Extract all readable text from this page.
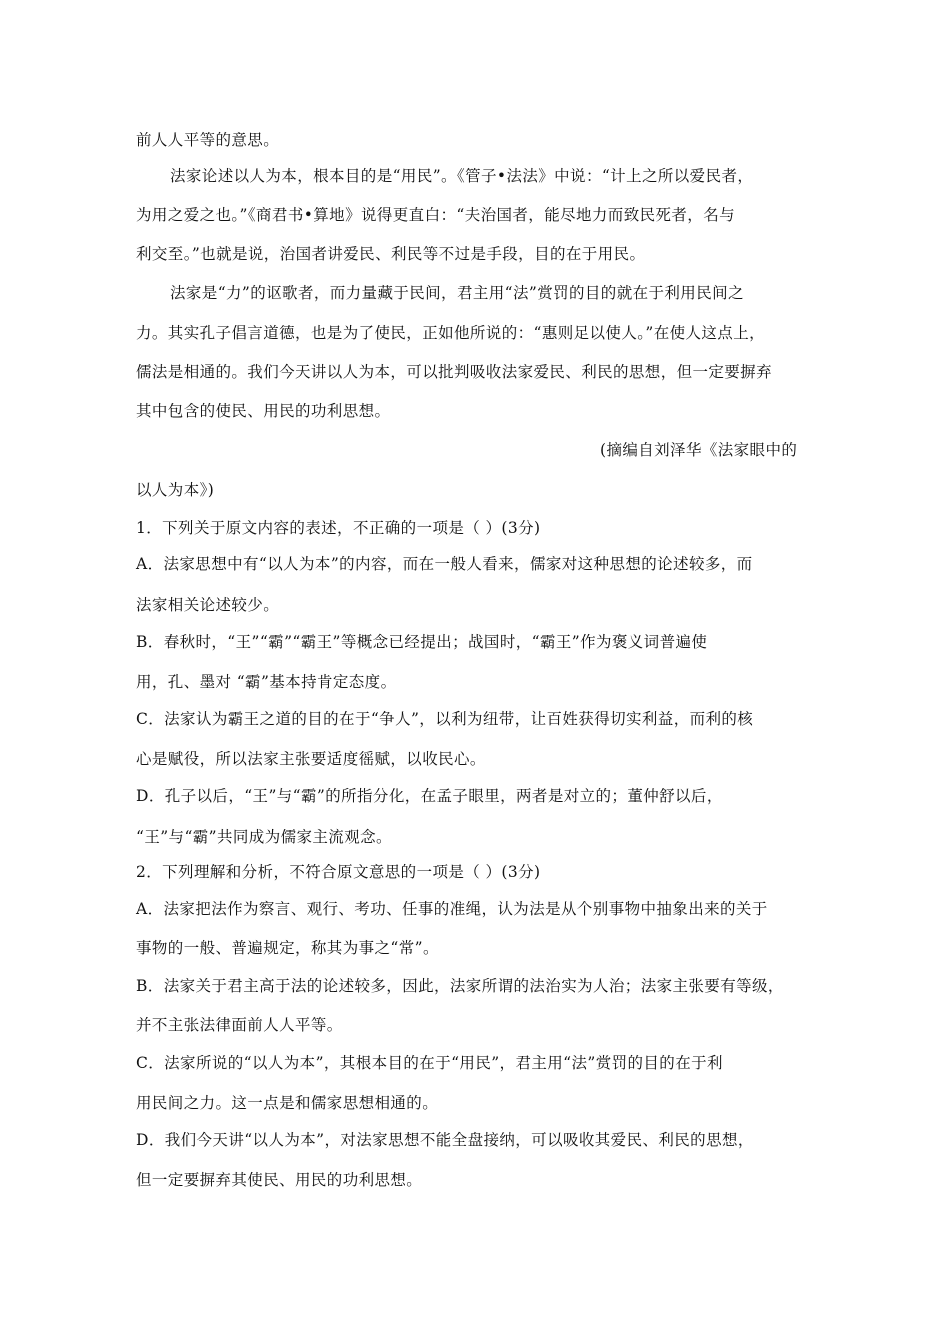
前人人平等的意思。
法家论述以人为本，根本目的是“用民”。《管子•法法》中说：“计上之所以爱民者，
为用之爱之也。”《商君书•算地》说得更直白：“夫治国者，能尽地力而致民死者，名与
利交至。”也就是说，治国者讲爱民、利民等不过是手段，目的在于用民。
法家是“力”的讴歌者，而力量藏于民间，君主用“法”赏罚的目的就在于利用民间之
力。其实孔子倡言道德，也是为了使民，正如他所说的：“惠则足以使人。”在使人这点上，
儒法是相通的。我们今天讲以人为本，可以批判吸收法家爱民、利民的思想，但一定要摒弃
其中包含的使民、用民的功利思想。
(摘编自刘泽华《法家眼中的
以人为本》)
1．下列关于原文内容的表述，不正确的一项是（ ）(3分)
A．法家思想中有“以人为本”的内容，而在一般人看来，儒家对这种思想的论述较多，而
法家相关论述较少。
B．春秋时，“王”“霸”“霸王”等概念已经提出；战国时，“霸王”作为褒义词普遍使
用，孔、墨对 “霸”基本持肯定态度。
C．法家认为霸王之道的目的在于“争人”，以利为纽带，让百姓获得切实利益，而利的核
心是赋役，所以法家主张要适度徭赋，以收民心。
D．孔子以后，“王”与“霸”的所指分化，在孟子眼里，两者是对立的；董仲舒以后，
“王”与“霸”共同成为儒家主流观念。
2．下列理解和分析，不符合原文意思的一项是（ ）(3分)
A．法家把法作为察言、观行、考功、任事的准绳，认为法是从个别事物中抽象出来的关于
事物的一般、普遍规定，称其为事之“常”。
B．法家关于君主高于法的论述较多，因此，法家所谓的法治实为人治；法家主张要有等级，
并不主张法律面前人人平等。
C．法家所说的“以人为本”，其根本目的在于“用民”，君主用“法”赏罚的目的在于利
用民间之力。这一点是和儒家思想相通的。
D．我们今天讲“以人为本”，对法家思想不能全盘接纳，可以吸收其爱民、利民的思想，
但一定要摒弃其使民、用民的功利思想。
